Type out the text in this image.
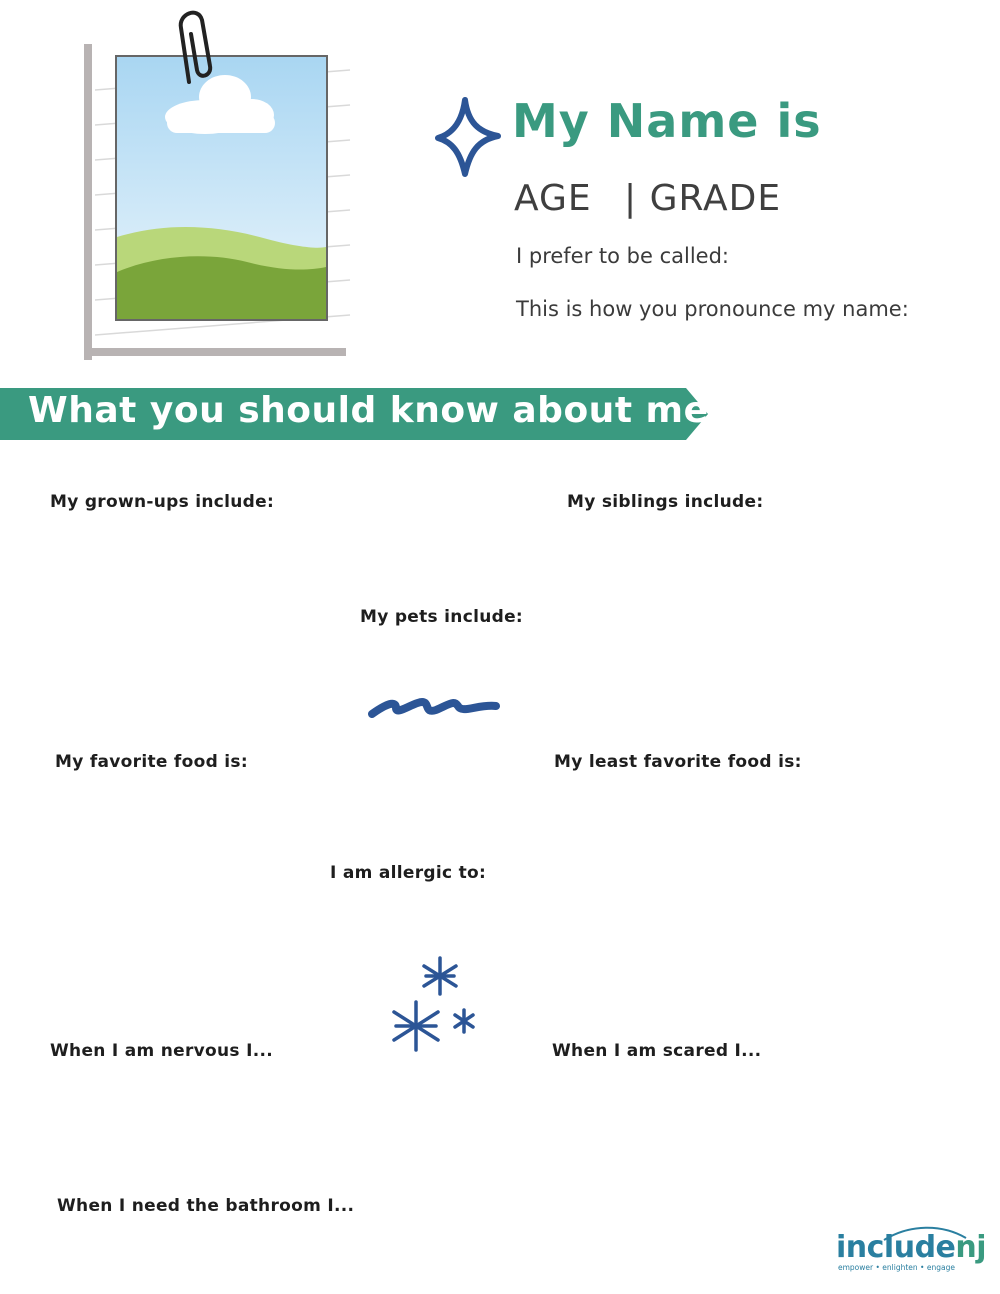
My Name is
AGE | GRADE
I prefer to be called:
This is how you pronounce my name:
What you should know about me
My grown-ups include:	My siblings include:
My pets include:
My favorite food is:	My least favorite food is:
I am allergic to:
When I am nervous I...	When I am scared I...
When I need the bathroom I...
includenj
empower • enlighten • engage
